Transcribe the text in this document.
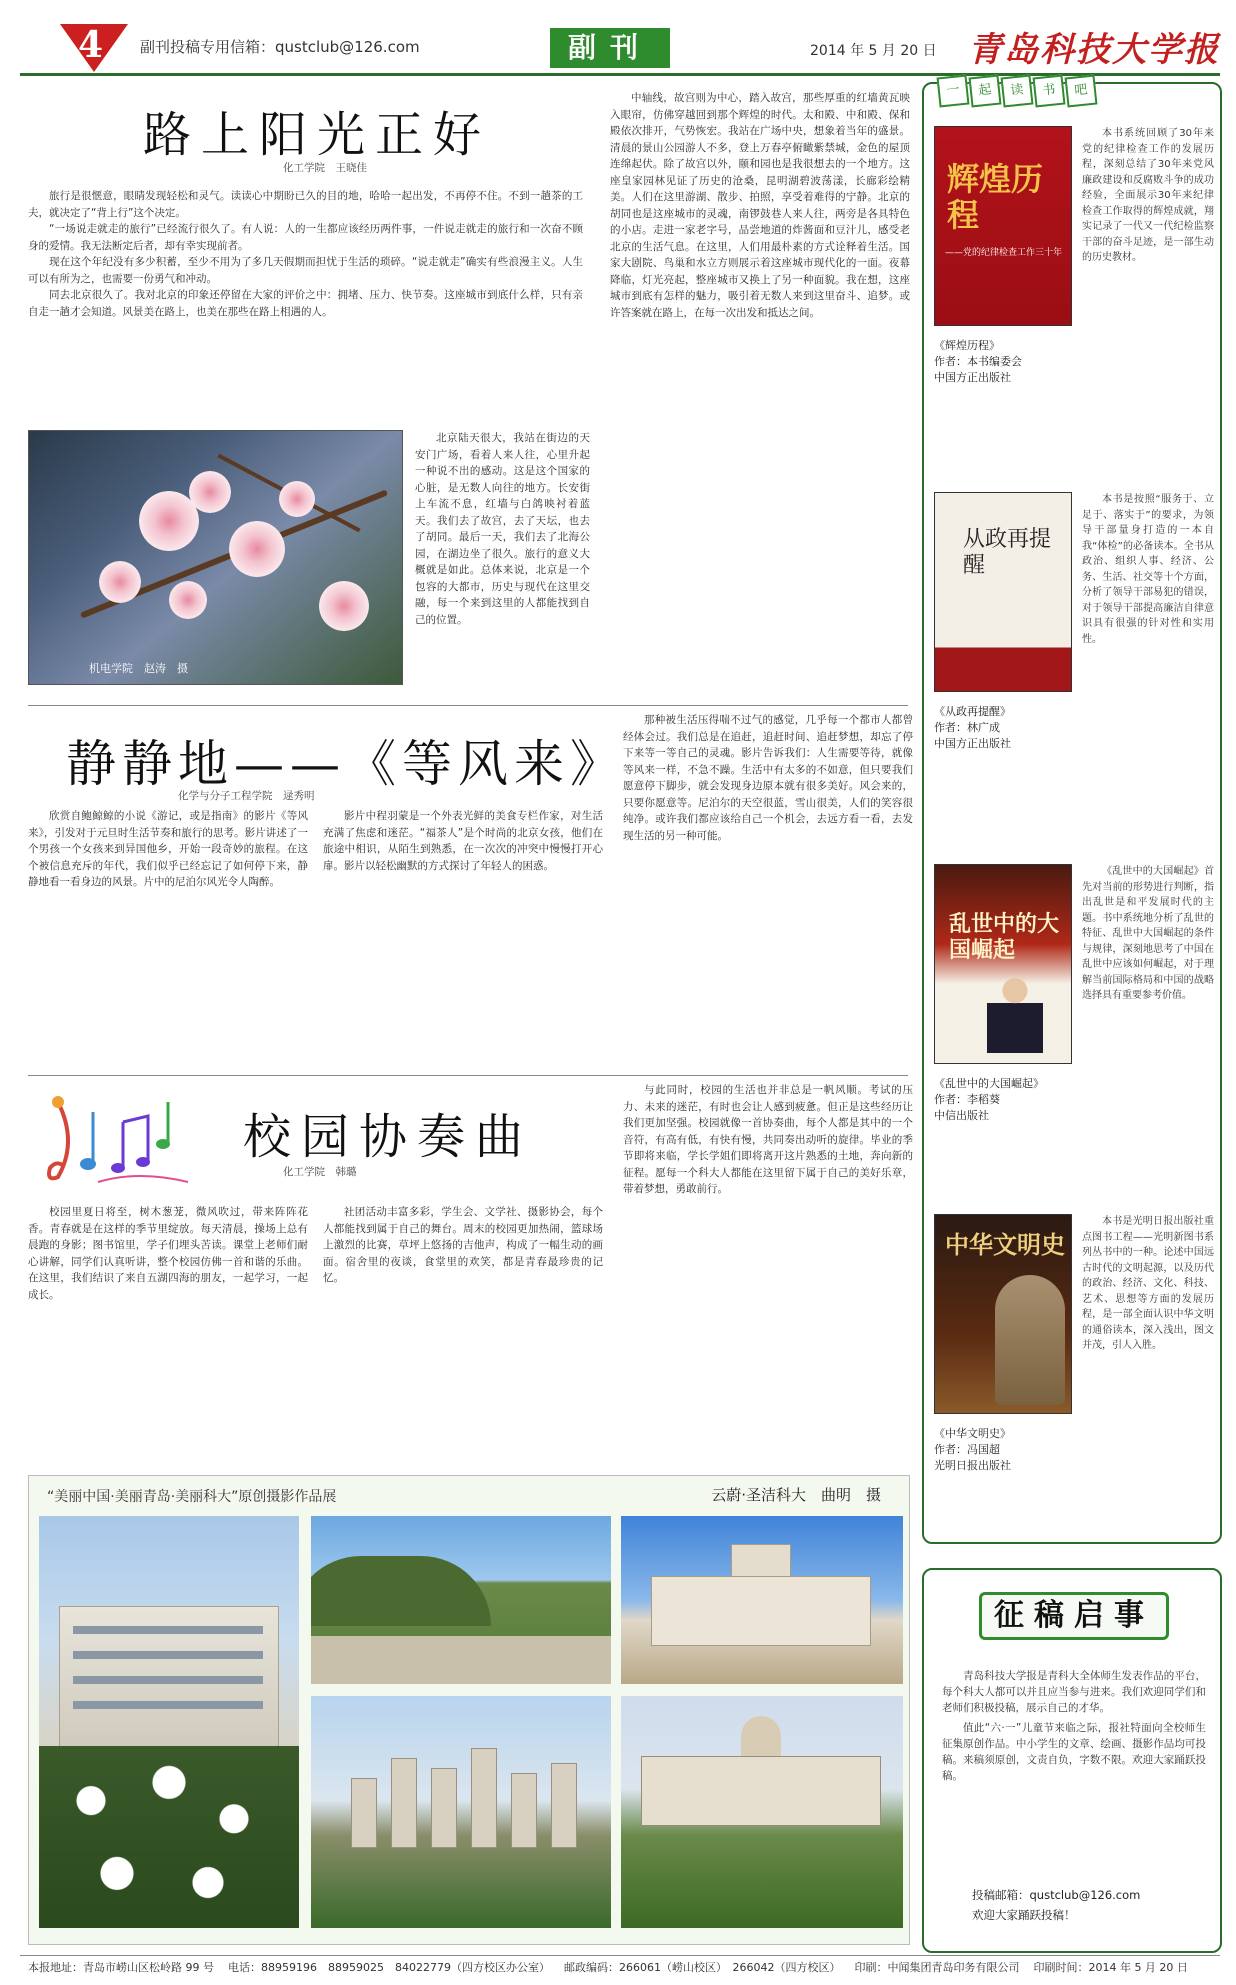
4 副刊投稿专用信箱：qustclub@126.com	副刊	2014 年 5 月 20 日 青岛科技大学报
路上阳光正好
化工学院　王晓佳

旅行是很惬意，眼睛发现轻松和灵气。读读心中期盼已久的目的地，哈哈一起出发，不再停不住。不到一趟茶的工夫，就决定了“背上行”这个决定。

“一场说走就走的旅行”已经流行很久了。有人说：人的一生都应该经历两件事，一件说走就走的旅行和一次奋不顾身的爱情。我无法断定后者，却有幸实现前者。

现在这个年纪没有多少积蓄，至少不用为了多几天假期而担忧于生活的琐碎。“说走就走”确实有些浪漫主义。人生可以有所为之，也需要一份勇气和冲动。

同去北京很久了。我对北京的印象还停留在大家的评价之中：拥堵、压力、快节奏。这座城市到底什么样，只有亲自走一趟才会知道。风景美在路上，也美在那些在路上相遇的人。

机电学院　赵涛　摄

北京陆天很大，我站在街边的天安门广场，看着人来人往，心里升起一种说不出的感动。这是这个国家的心脏，是无数人向往的地方。长安街上车流不息，红墙与白鸽映衬着蓝天。我们去了故宫，去了天坛，也去了胡同。最后一天，我们去了北海公园，在湖边坐了很久。旅行的意义大概就是如此。总体来说，北京是一个包容的大都市，历史与现代在这里交融，每一个来到这里的人都能找到自己的位置。

中轴线，故宫则为中心，踏入故宫，那些厚重的红墙黄瓦映入眼帘，仿佛穿越回到那个辉煌的时代。太和殿、中和殿、保和殿依次排开，气势恢宏。我站在广场中央，想象着当年的盛景。清晨的景山公园游人不多，登上万春亭俯瞰紫禁城，金色的屋顶连绵起伏。除了故宫以外，颐和园也是我很想去的一个地方。这座皇家园林见证了历史的沧桑，昆明湖碧波荡漾，长廊彩绘精美。人们在这里游湖、散步、拍照，享受着难得的宁静。北京的胡同也是这座城市的灵魂，南锣鼓巷人来人往，两旁是各具特色的小店。走进一家老字号，品尝地道的炸酱面和豆汁儿，感受老北京的生活气息。在这里，人们用最朴素的方式诠释着生活。国家大剧院、鸟巢和水立方则展示着这座城市现代化的一面。夜幕降临，灯光亮起，整座城市又换上了另一种面貌。我在想，这座城市到底有怎样的魅力，吸引着无数人来到这里奋斗、追梦。或许答案就在路上，在每一次出发和抵达之间。

一	起	读	书	吧
辉煌历程
——党的纪律检查工作三十年

本书系统回顾了30年来党的纪律检查工作的发展历程，深刻总结了30年来党风廉政建设和反腐败斗争的成功经验，全面展示30年来纪律检查工作取得的辉煌成就，翔实记录了一代又一代纪检监察干部的奋斗足迹，是一部生动的历史教材。

《辉煌历程》
作者：本书编委会
中国方正出版社
从政再提醒

本书是按照“服务于、立足于、落实于”的要求，为领导干部量身打造的一本自我“体检”的必备读本。全书从政治、组织人事、经济、公务、生活、社交等十个方面，分析了领导干部易犯的错误，对于领导干部提高廉洁自律意识具有很强的针对性和实用性。

《从政再提醒》
作者：林广成
中国方正出版社
乱世中的大国崛起

《乱世中的大国崛起》首先对当前的形势进行判断，指出乱世是和平发展时代的主题。书中系统地分析了乱世的特征、乱世中大国崛起的条件与规律，深刻地思考了中国在乱世中应该如何崛起，对于理解当前国际格局和中国的战略选择具有重要参考价值。

《乱世中的大国崛起》
作者：李稻葵
中信出版社
中华文明史

本书是光明日报出版社重点图书工程——光明新图书系列丛书中的一种。论述中国远古时代的文明起源，以及历代的政治、经济、文化、科技、艺术、思想等方面的发展历程，是一部全面认识中华文明的通俗读本，深入浅出，图文并茂，引人入胜。

《中华文明史》
作者：冯国超
光明日报出版社
征稿启事

青岛科技大学报是青科大全体师生发表作品的平台，每个科大人都可以并且应当参与进来。我们欢迎同学们和老师们积极投稿，展示自己的才华。

值此“六·一”儿童节来临之际，报社特面向全校师生征集原创作品。中小学生的文章、绘画、摄影作品均可投稿。来稿须原创，文责自负，字数不限。欢迎大家踊跃投稿。

投稿邮箱：qustclub@126.com
欢迎大家踊跃投稿！
静静地——《等风来》
化学与分子工程学院　逯秀明

欣赏自鲍鲸鲸的小说《游记，或是指南》的影片《等风来》，引发对于元旦时生活节奏和旅行的思考。影片讲述了一个男孩一个女孩来到异国他乡，开始一段奇妙的旅程。在这个被信息充斥的年代，我们似乎已经忘记了如何停下来，静静地看一看身边的风景。片中的尼泊尔风光令人陶醉。

影片中程羽蒙是一个外表光鲜的美食专栏作家，对生活充满了焦虑和迷茫。“福茶人”是个时尚的北京女孩，他们在旅途中相识，从陌生到熟悉，在一次次的冲突中慢慢打开心扉。影片以轻松幽默的方式探讨了年轻人的困惑。

那种被生活压得喘不过气的感觉，几乎每一个都市人都曾经体会过。我们总是在追赶，追赶时间、追赶梦想，却忘了停下来等一等自己的灵魂。影片告诉我们：人生需要等待，就像等风来一样，不急不躁。生活中有太多的不如意，但只要我们愿意停下脚步，就会发现身边原本就有很多美好。风会来的，只要你愿意等。尼泊尔的天空很蓝，雪山很美，人们的笑容很纯净。或许我们都应该给自己一个机会，去远方看一看，去发现生活的另一种可能。

校园协奏曲
化工学院　韩璐

校园里夏日将至，树木葱茏，微风吹过，带来阵阵花香。青春就是在这样的季节里绽放。每天清晨，操场上总有晨跑的身影；图书馆里，学子们埋头苦读。课堂上老师们耐心讲解，同学们认真听讲，整个校园仿佛一首和谐的乐曲。在这里，我们结识了来自五湖四海的朋友，一起学习，一起成长。

社团活动丰富多彩，学生会、文学社、摄影协会，每个人都能找到属于自己的舞台。周末的校园更加热闹，篮球场上激烈的比赛，草坪上悠扬的吉他声，构成了一幅生动的画面。宿舍里的夜谈，食堂里的欢笑，都是青春最珍贵的记忆。

与此同时，校园的生活也并非总是一帆风顺。考试的压力、未来的迷茫，有时也会让人感到疲惫。但正是这些经历让我们更加坚强。校园就像一首协奏曲，每个人都是其中的一个音符，有高有低，有快有慢，共同奏出动听的旋律。毕业的季节即将来临，学长学姐们即将离开这片熟悉的土地，奔向新的征程。愿每一个科大人都能在这里留下属于自己的美好乐章，带着梦想，勇敢前行。

“美丽中国·美丽青岛·美丽科大”原创摄影作品展	云蔚·圣洁科大　曲明　摄
本报地址：青岛市崂山区松岭路 99 号 电话：88959196　88959025　84022779（四方校区办公室） 邮政编码：266061（崂山校区）　266042（四方校区） 印刷：中闻集团青岛印务有限公司 印刷时间：2014 年 5 月 20 日
